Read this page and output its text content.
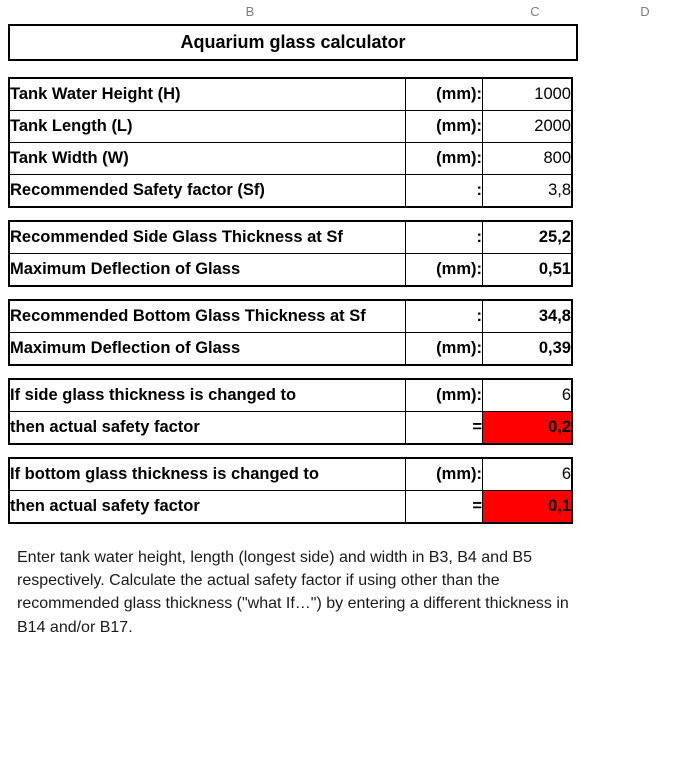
B	C	D
Aquarium glass calculator
Tank Water Height (H)	(mm):	1000
Tank Length (L)	(mm):	2000
Tank Width (W)	(mm):	800
Recommended Safety factor (Sf)	:	3,8
Recommended Side Glass Thickness at Sf	:	25,2
Maximum Deflection of Glass	(mm):	0,51
Recommended Bottom Glass Thickness at Sf	:	34,8
Maximum Deflection of Glass	(mm):	0,39
If side glass thickness is changed to	(mm):	6
then actual safety factor	=	0,2
If bottom glass thickness is changed to	(mm):	6
then actual safety factor	=	0,1
Enter tank water height, length (longest side) and width in B3, B4 and B5 respectively. Calculate the actual safety factor if using other than the recommended glass thickness ("what If…") by entering a different thickness in B14 and/or B17.
